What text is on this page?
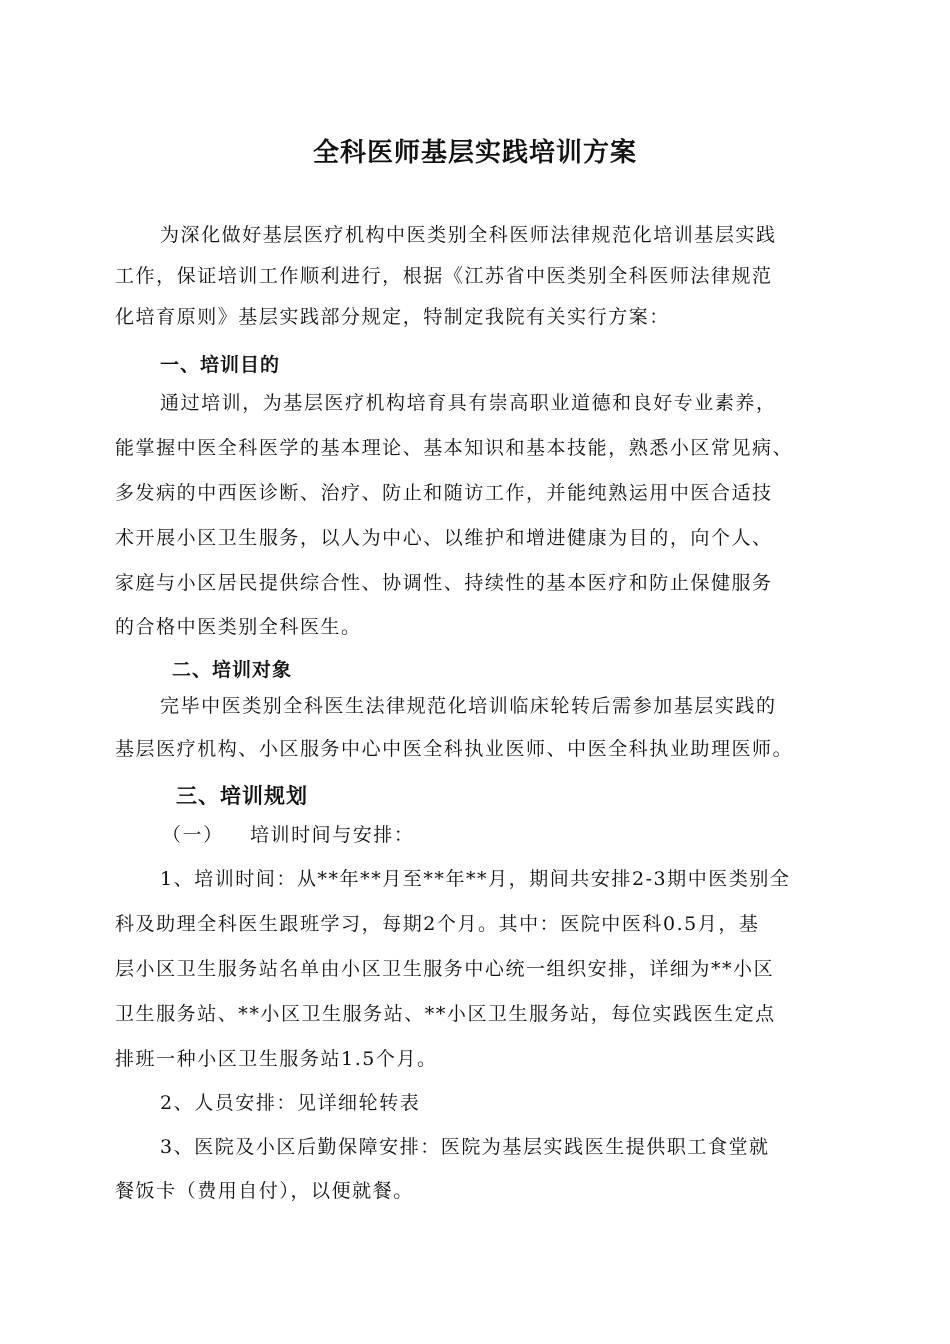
全科医师基层实践培训方案
为深化做好基层医疗机构中医类别全科医师法律规范化培训基层实践
工作，保证培训工作顺利进行，根据《江苏省中医类别全科医师法律规范
化培育原则》基层实践部分规定，特制定我院有关实行方案：
一、培训目的
通过培训，为基层医疗机构培育具有崇高职业道德和良好专业素养，
能掌握中医全科医学的基本理论、基本知识和基本技能，熟悉小区常见病、
多发病的中西医诊断、治疗、防止和随访工作，并能纯熟运用中医合适技
术开展小区卫生服务，以人为中心、以维护和增进健康为目的，向个人、
家庭与小区居民提供综合性、协调性、持续性的基本医疗和防止保健服务
的合格中医类别全科医生。
二、培训对象
完毕中医类别全科医生法律规范化培训临床轮转后需参加基层实践的
基层医疗机构、小区服务中心中医全科执业医师、中医全科执业助理医师。
三、培训规划
（一） 培训时间与安排：
1、培训时间：从**年**月至**年**月，期间共安排2-3期中医类别全
科及助理全科医生跟班学习，每期2个月。其中：医院中医科0.5月，基
层小区卫生服务站名单由小区卫生服务中心统一组织安排，详细为**小区
卫生服务站、**小区卫生服务站、**小区卫生服务站，每位实践医生定点
排班一种小区卫生服务站1.5个月。
2、人员安排：见详细轮转表
3、医院及小区后勤保障安排：医院为基层实践医生提供职工食堂就
餐饭卡（费用自付），以便就餐。
